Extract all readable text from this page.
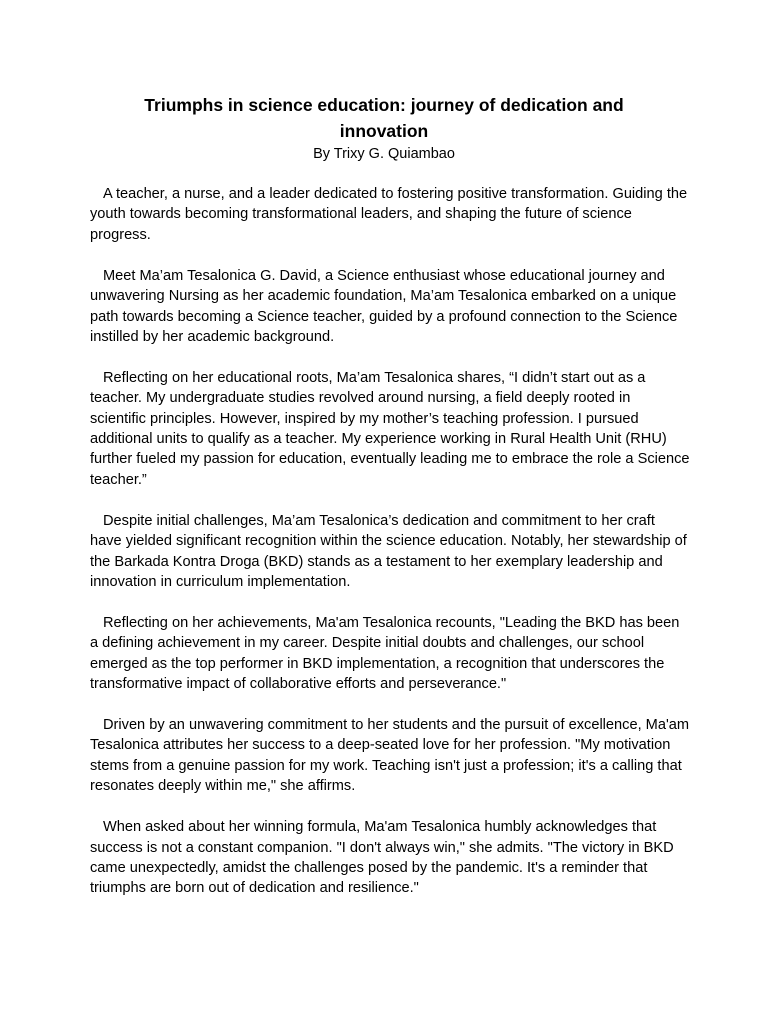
Triumphs in science education: journey of dedication and innovation

By Trixy G. Quiambao

A teacher, a nurse, and a leader dedicated to fostering positive transformation. Guiding the youth towards becoming transformational leaders, and shaping the future of science progress.

Meet Ma’am Tesalonica G. David, a Science enthusiast whose educational journey and unwavering Nursing as her academic foundation, Ma’am Tesalonica embarked on a unique path towards becoming a Science teacher, guided by a profound connection to the Science instilled by her academic background.

Reflecting on her educational roots, Ma’am Tesalonica shares, “I didn’t start out as a teacher. My undergraduate studies revolved around nursing, a field deeply rooted in scientific principles. However, inspired by my mother’s teaching profession. I pursued additional units to qualify as a teacher. My experience working in Rural Health Unit (RHU) further fueled my passion for education, eventually leading me to embrace the role a Science teacher.”

Despite initial challenges, Ma’am Tesalonica’s dedication and commitment to her craft have yielded significant recognition within the science education. Notably, her stewardship of the Barkada Kontra Droga (BKD) stands as a testament to her exemplary leadership and innovation in curriculum implementation.

Reflecting on her achievements, Ma'am Tesalonica recounts, "Leading the BKD has been a defining achievement in my career. Despite initial doubts and challenges, our school emerged as the top performer in BKD implementation, a recognition that underscores the transformative impact of collaborative efforts and perseverance."

Driven by an unwavering commitment to her students and the pursuit of excellence, Ma'am Tesalonica attributes her success to a deep-seated love for her profession. "My motivation stems from a genuine passion for my work. Teaching isn't just a profession; it's a calling that resonates deeply within me," she affirms.

When asked about her winning formula, Ma'am Tesalonica humbly acknowledges that success is not a constant companion. "I don't always win," she admits. "The victory in BKD came unexpectedly, amidst the challenges posed by the pandemic. It's a reminder that triumphs are born out of dedication and resilience."
